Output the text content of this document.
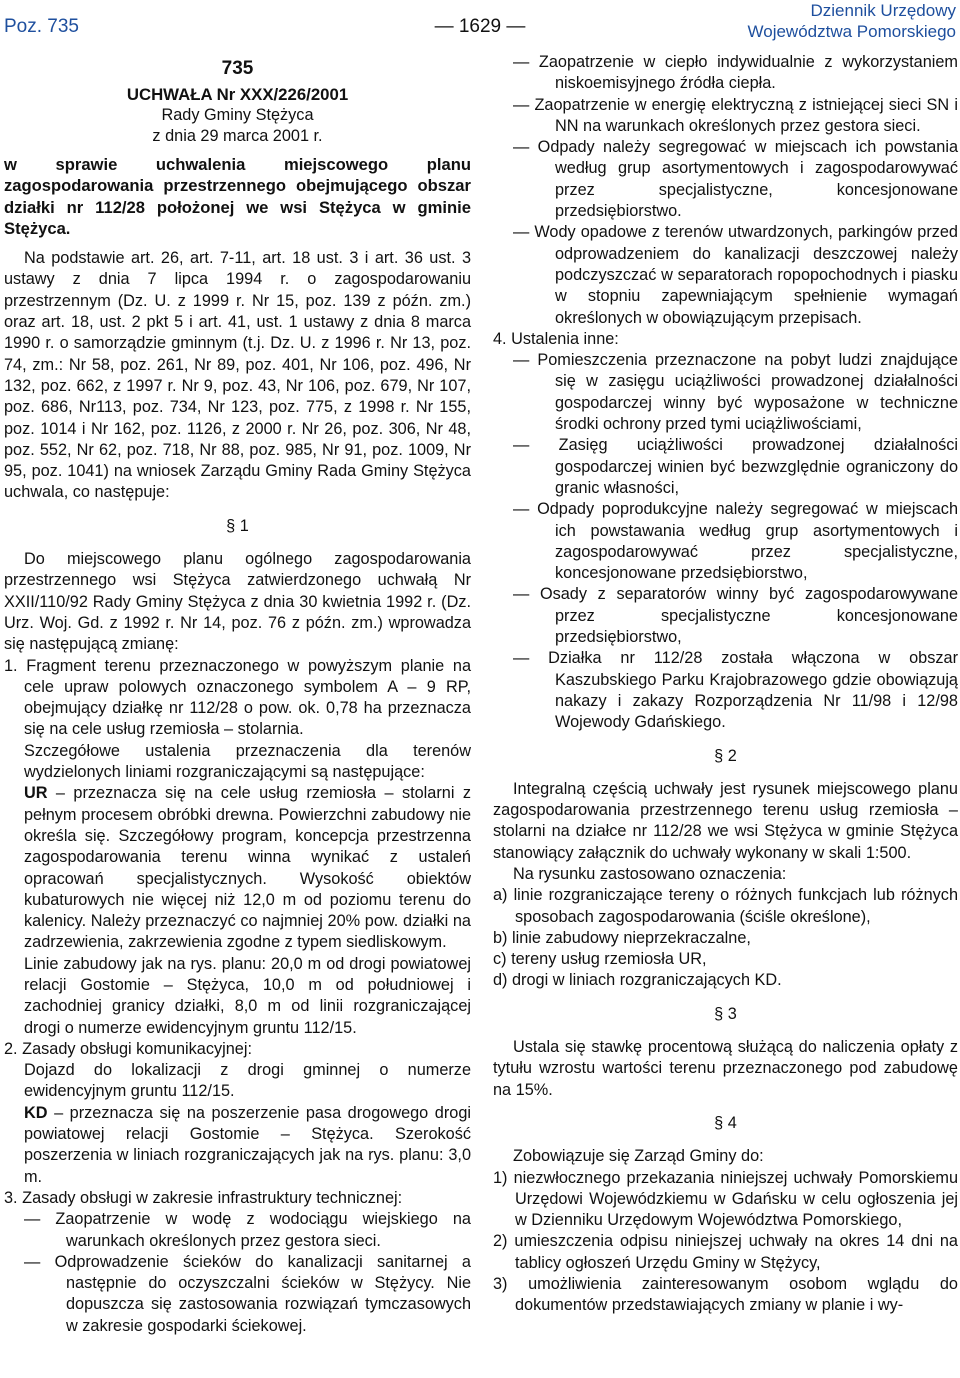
Poz. 735	— 1629 —
Dziennik Urzędowy
Województwa Pomorskiego
735
UCHWAŁA Nr XXX/226/2001
Rady Gminy Stężyca
z dnia 29 marca 2001 r.

w sprawie uchwalenia miejscowego planu zagospodarowania przestrzennego obejmującego obszar działki nr 112/28 położonej we wsi Stężyca w gminie Stężyca.

Na podstawie art. 26, art. 7-11, art. 18 ust. 3 i art. 36 ust. 3 ustawy z dnia 7 lipca 1994 r. o zagospodarowaniu przestrzennym (Dz. U. z 1999 r. Nr 15, poz. 139 z późn. zm.) oraz art. 18, ust. 2 pkt 5 i art. 41, ust. 1 ustawy z dnia 8 marca 1990 r. o samorządzie gminnym (t.j. Dz. U. z 1996 r. Nr 13, poz. 74, zm.: Nr 58, poz. 261, Nr 89, poz. 401, Nr 106, poz. 496, Nr 132, poz. 662, z 1997 r. Nr 9, poz. 43, Nr 106, poz. 679, Nr 107, poz. 686, Nr113, poz. 734, Nr 123, poz. 775, z 1998 r. Nr 155, poz. 1014 i Nr 162, poz. 1126, z 2000 r. Nr 26, poz. 306, Nr 48, poz. 552, Nr 62, poz. 718, Nr 88, poz. 985, Nr 91, poz. 1009, Nr 95, poz. 1041) na wniosek Zarządu Gminy Rada Gminy Stężyca uchwala, co następuje:

§ 1

Do miejscowego planu ogólnego zagospodarowania przestrzennego wsi Stężyca zatwierdzonego uchwałą Nr XXII/110/92 Rady Gminy Stężyca z dnia 30 kwietnia 1992 r. (Dz. Urz. Woj. Gd. z 1992 r. Nr 14, poz. 76 z późn. zm.) wprowadza się następującą zmianę:

1. Fragment terenu przeznaczonego w powyższym planie na cele upraw polowych oznaczonego symbolem A – 9 RP, obejmujący działkę nr 112/28 o pow. ok. 0,78 ha przeznacza się na cele usług rzemiosła – stolarnia.

Szczegółowe ustalenia przeznaczenia dla terenów wydzielonych liniami rozgraniczającymi są następujące:

UR – przeznacza się na cele usług rzemiosła – stolarni z pełnym procesem obróbki drewna. Powierzchni zabudowy nie określa się. Szczegółowy program, koncepcja przestrzenna zagospodarowania terenu winna wynikać z ustaleń opracowań specjalistycznych. Wysokość obiektów kubaturowych nie więcej niż 12,0 m od poziomu terenu do kalenicy. Należy przeznaczyć co najmniej 20% pow. działki na zadrzewienia, zakrzewienia zgodne z typem siedliskowym.

Linie zabudowy jak na rys. planu: 20,0 m od drogi powiatowej relacji Gostomie – Stężyca, 10,0 m od południowej i zachodniej granicy działki, 8,0 m od linii rozgraniczającej drogi o numerze ewidencyjnym gruntu 112/15.

2. Zasady obsługi komunikacyjnej:

Dojazd do lokalizacji z drogi gminnej o numerze ewidencyjnym gruntu 112/15.

KD – przeznacza się na poszerzenie pasa drogowego drogi powiatowej relacji Gostomie – Stężyca. Szerokość poszerzenia w liniach rozgraniczających jak na rys. planu: 3,0 m.

3. Zasady obsługi w zakresie infrastruktury technicznej:

— Zaopatrzenie w wodę z wodociągu wiejskiego na warunkach określonych przez gestora sieci.

— Odprowadzenie ścieków do kanalizacji sanitarnej a następnie do oczyszczalni ścieków w Stężycy. Nie dopuszcza się zastosowania rozwiązań tymczasowych w zakresie gospodarki ściekowej.

— Zaopatrzenie w ciepło indywidualnie z wykorzystaniem niskoemisyjnego źródła ciepła.

— Zaopatrzenie w energię elektryczną z istniejącej sieci SN i NN na warunkach określonych przez gestora sieci.

— Odpady należy segregować w miejscach ich powstania według grup asortymentowych i zagospodarowywać przez specjalistyczne, koncesjonowane przedsiębiorstwo.

— Wody opadowe z terenów utwardzonych, parkingów przed odprowadzeniem do kanalizacji deszczowej należy podczyszczać w separatorach ropopochodnych i piasku w stopniu zapewniającym spełnienie wymagań określonych w obowiązującym przepisach.

4. Ustalenia inne:

— Pomieszczenia przeznaczone na pobyt ludzi znajdujące się w zasięgu uciążliwości prowadzonej działalności gospodarczej winny być wyposażone w techniczne środki ochrony przed tymi uciążliwościami,

— Zasięg uciążliwości prowadzonej działalności gospodarczej winien być bezwzględnie ograniczony do granic własności,

— Odpady poprodukcyjne należy segregować w miejscach ich powstawania według grup asortymentowych i zagospodarowywać przez specjalistyczne, koncesjonowane przedsiębiorstwo,

— Osady z separatorów winny być zagospodarowywane przez specjalistyczne koncesjonowane przedsiębiorstwo,

— Działka nr 112/28 została włączona w obszar Kaszubskiego Parku Krajobrazowego gdzie obowiązują nakazy i zakazy Rozporządzenia Nr 11/98 i 12/98 Wojewody Gdańskiego.

§ 2

Integralną częścią uchwały jest rysunek miejscowego planu zagospodarowania przestrzennego terenu usług rzemiosła – stolarni na działce nr 112/28 we wsi Stężyca w gminie Stężyca stanowiący załącznik do uchwały wykonany w skali 1:500.

Na rysunku zastosowano oznaczenia:

a) linie rozgraniczające tereny o różnych funkcjach lub różnych sposobach zagospodarowania (ściśle określone),

b) linie zabudowy nieprzekraczalne,

c) tereny usług rzemiosła UR,

d) drogi w liniach rozgraniczających KD.

§ 3

Ustala się stawkę procentową służącą do naliczenia opłaty z tytułu wzrostu wartości terenu przeznaczonego pod zabudowę na 15%.

§ 4

Zobowiązuje się Zarząd Gminy do:

1) niezwłocznego przekazania niniejszej uchwały Pomorskiemu Urzędowi Wojewódzkiemu w Gdańsku w celu ogłoszenia jej w Dzienniku Urzędowym Województwa Pomorskiego,

2) umieszczenia odpisu niniejszej uchwały na okres 14 dni na tablicy ogłoszeń Urzędu Gminy w Stężycy,

3) umożliwienia zainteresowanym osobom wglądu do dokumentów przedstawiających zmiany w planie i wy-
